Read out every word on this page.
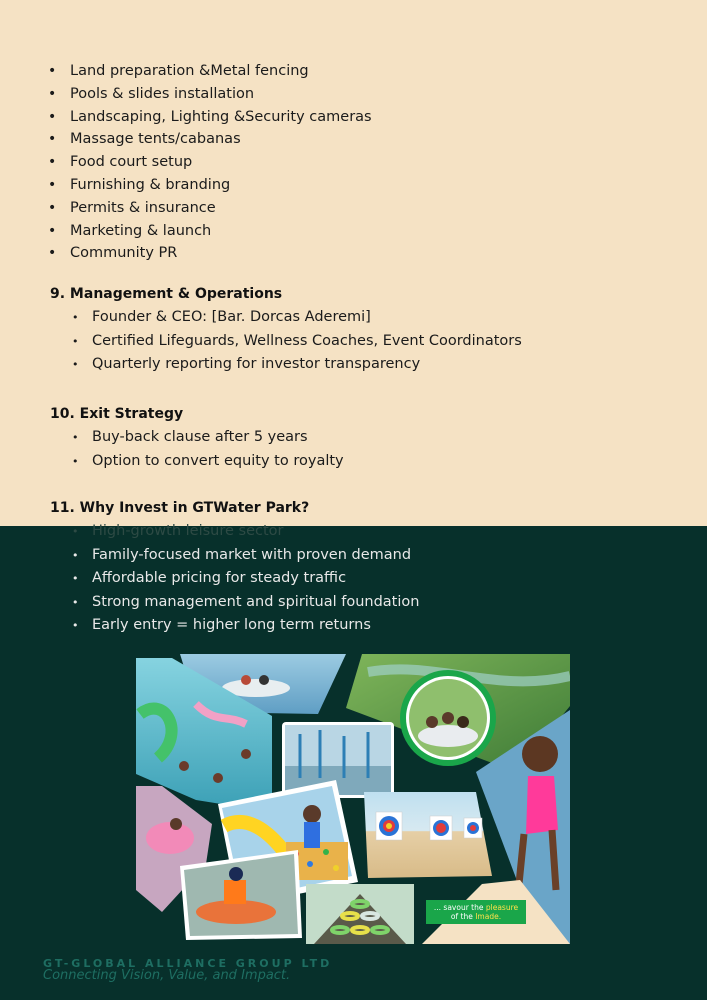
• Land preparation &Metal fencing
• Pools & slides installation
• Landscaping, Lighting &Security cameras
• Massage tents/cabanas
• Food court setup
• Furnishing & branding
• Permits & insurance
• Marketing & launch
• Community PR
9. Management & Operations
• Founder & CEO: [Bar. Dorcas Aderemi]
• Certified Lifeguards, Wellness Coaches, Event Coordinators
• Quarterly reporting for investor transparency
10. Exit Strategy
• Buy-back clause after 5 years
• Option to convert equity to royalty
11. Why Invest in GTWater Park?
• High-growth leisure sector
• Family-focused market with proven demand
• Affordable pricing for steady traffic
• Strong management and spiritual foundation
• Early entry = higher long term returns
... savour the pleasure
of the Imade.
GT-GLOBAL ALLIANCE GROUP LTD
Connecting Vision, Value, and Impact.
